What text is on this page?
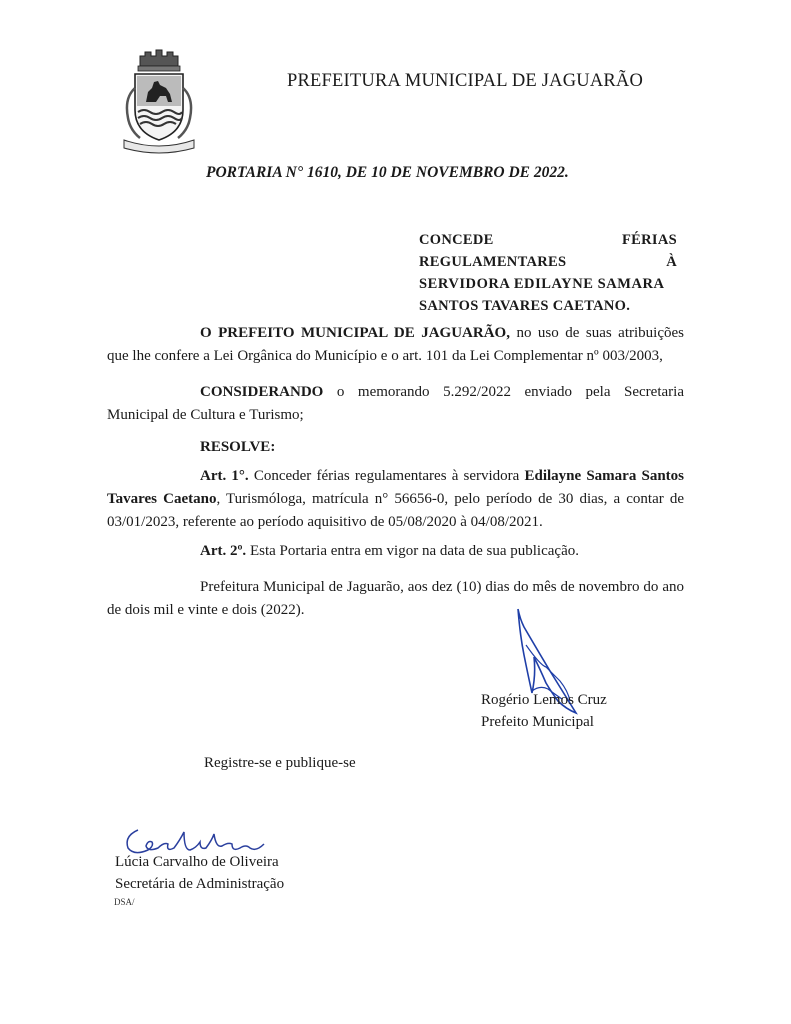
PREFEITURA MUNICIPAL DE JAGUARÃO
PORTARIA N° 1610, DE 10 DE NOVEMBRO DE 2022.
CONCEDE	FÉRIAS
REGULAMENTARES	À
SERVIDORA EDILAYNE SAMARA
SANTOS TAVARES CAETANO.
O PREFEITO MUNICIPAL DE JAGUARÃO, no uso de suas atribuições que lhe confere a Lei Orgânica do Município e o art. 101 da Lei Complementar nº 003/2003,
CONSIDERANDO o memorando 5.292/2022 enviado pela Secretaria Municipal de Cultura e Turismo;
RESOLVE:
Art. 1°. Conceder férias regulamentares à servidora Edilayne Samara Santos Tavares Caetano, Turismóloga, matrícula n° 56656-0, pelo período de 30 dias, a contar de 03/01/2023, referente ao período aquisitivo de 05/08/2020 à 04/08/2021.
Art. 2º. Esta Portaria entra em vigor na data de sua publicação.
Prefeitura Municipal de Jaguarão, aos dez (10) dias do mês de novembro do ano de dois mil e vinte e dois (2022).
Rogério Lemos Cruz
Prefeito Municipal
Registre-se e publique-se
Lúcia Carvalho de Oliveira
Secretária de Administração
DSA/
